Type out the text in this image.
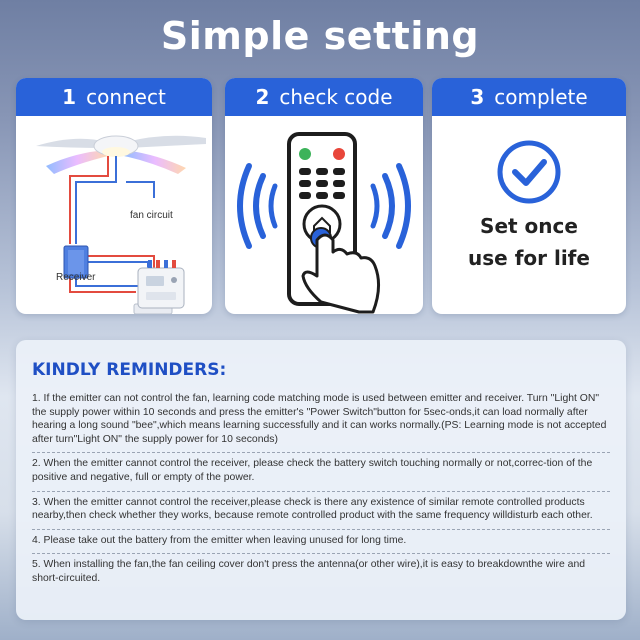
Simple setting
1 connect
fan circuit
Receiver
2 check code	3 complete
Set once
use for life
KINDLY REMINDERS:
1. If the emitter can not control the fan, learning code matching mode is used between emitter and receiver. Turn "Light ON" the supply power within 10 seconds and press the emitter's "Power Switch"button for 5sec-onds,it can load normally after hearing a long sound "bee",which means learning successfully and it can works normally.(PS: Learning mode is not accepted after turn"Light ON" the supply power for 10 seconds)
2. When the emitter cannot control the receiver, please check the battery switch touching normally or not,correc-tion of the positive and negative, full or empty of the power.
3. When the emitter cannot control the receiver,please check is there any existence of similar remote controlled products nearby,then check whether they works, because remote controlled product with the same frequency willdisturb each other.
4. Please take out the battery from the emitter when leaving unused for long time.
5. When installing the fan,the fan ceiling cover don't press the antenna(or other wire),it is easy to breakdownthe wire and short-circuited.
